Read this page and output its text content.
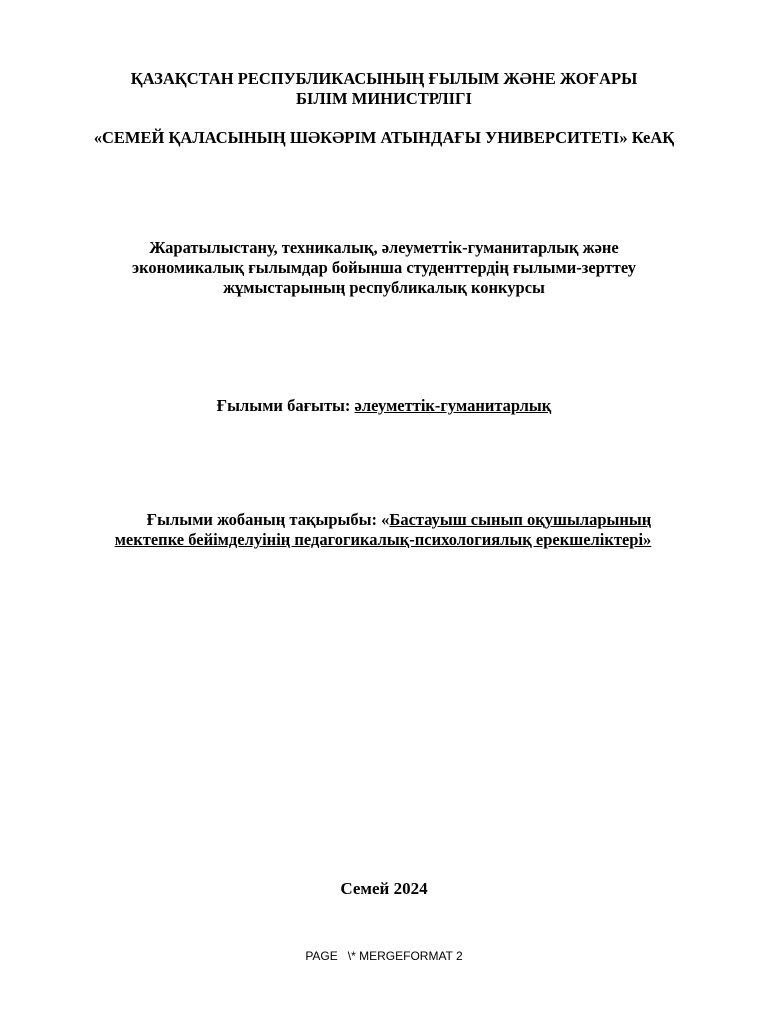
ҚАЗАҚСТАН РЕСПУБЛИКАСЫНЫҢ ҒЫЛЫМ ЖӘНЕ ЖОҒАРЫ
БІЛІМ МИНИСТРЛІГІ
«СЕМЕЙ ҚАЛАСЫНЫҢ ШӘКӘРІМ АТЫНДАҒЫ УНИВЕРСИТЕТІ» КеАҚ
Жаратылыстану, техникалық, әлеуметтік-гуманитарлық және
экономикалық ғылымдар бойынша студенттердің ғылыми-зерттеу
жұмыстарының республикалық конкурсы
Ғылыми бағыты: әлеуметтік-гуманитарлық
Ғылыми жобаның тақырыбы: «Бастауыш сынып оқушыларының
мектепке бейімделуінің педагогикалық-психологиялық ерекшеліктері»
Семей 2024
PAGE   \* MERGEFORMAT 2
